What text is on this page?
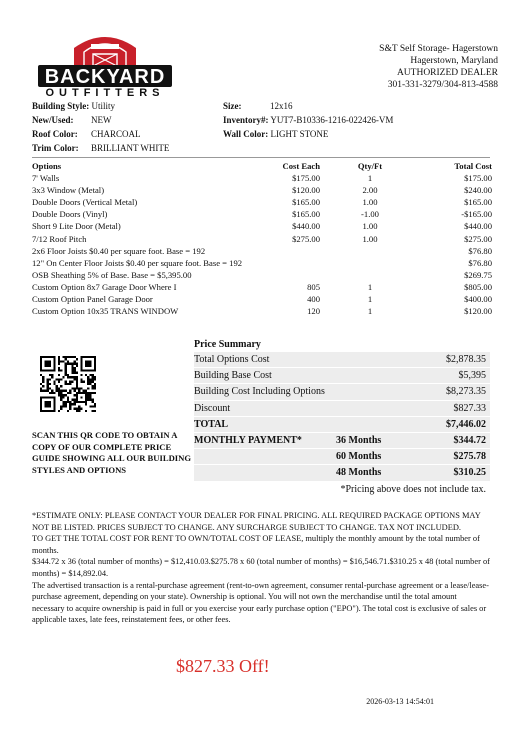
BACKYARD
OUTFITTERS
S&T Self Storage- Hagerstown
Hagerstown, Maryland
AUTHORIZED DEALER
301-331-3279/304-813-4588
Building Style: Utility	Size:	12x16
New/Used: NEW	Inventory#: YUT7-B10336-1216-022426-VM
Roof Color: CHARCOAL	Wall Color: LIGHT STONE
Trim Color: BRILLIANT WHITE
Options	Cost Each	Qty/Ft	Total Cost
7' Walls	$175.00	1	$175.00
3x3 Window (Metal)	$120.00	2.00	$240.00
Double Doors (Vertical Metal)	$165.00	1.00	$165.00
Double Doors (Vinyl)	$165.00	-1.00	-$165.00
Short 9 Lite Door (Metal)	$440.00	1.00	$440.00
7/12 Roof Pitch	$275.00	1.00	$275.00
2x6 Floor Joists $0.40 per square foot. Base = 192	$76.80
12" On Center Floor Joists $0.40 per square foot. Base = 192	$76.80
OSB Sheathing 5% of Base. Base = $5,395.00	$269.75
Custom Option 8x7 Garage Door Where I	805	1	$805.00
Custom Option Panel Garage Door	400	1	$400.00
Custom Option 10x35 TRANS WINDOW	120	1	$120.00
SCAN THIS QR CODE TO OBTAIN A COPY OF OUR COMPLETE PRICE GUIDE SHOWING ALL OUR BUILDING STYLES AND OPTIONS
Price Summary
Total Options Cost	$2,878.35
Building Base Cost	$5,395
Building Cost Including Options	$8,273.35
Discount	$827.33
TOTAL	$7,446.02
MONTHLY PAYMENT*	36 Months	$344.72
60 Months	$275.78
48 Months	$310.25
*Pricing above does not include tax.

*ESTIMATE ONLY: PLEASE CONTACT YOUR DEALER FOR FINAL PRICING. ALL REQUIRED PACKAGE OPTIONS MAY NOT BE LISTED. PRICES SUBJECT TO CHANGE. ANY SURCHARGE SUBJECT TO CHANGE. TAX NOT INCLUDED.

TO GET THE TOTAL COST FOR RENT TO OWN/TOTAL COST OF LEASE, multiply the monthly amount by the total number of months.

$344.72 x 36 (total number of months) = $12,410.03.$275.78 x 60 (total number of months) = $16,546.71.$310.25 x 48 (total number of months) = $14,892.04.

The advertised transaction is a rental-purchase agreement (rent-to-own agreement, consumer rental-purchase agreement or a lease/lease-purchase agreement, depending on your state). Ownership is optional. You will not own the merchandise until the total amount necessary to acquire ownership is paid in full or you exercise your early purchase option ("EPO"). The total cost is exclusive of sales or applicable taxes, late fees, reinstatement fees, or other fees.

$827.33 Off!
2026-03-13 14:54:01
